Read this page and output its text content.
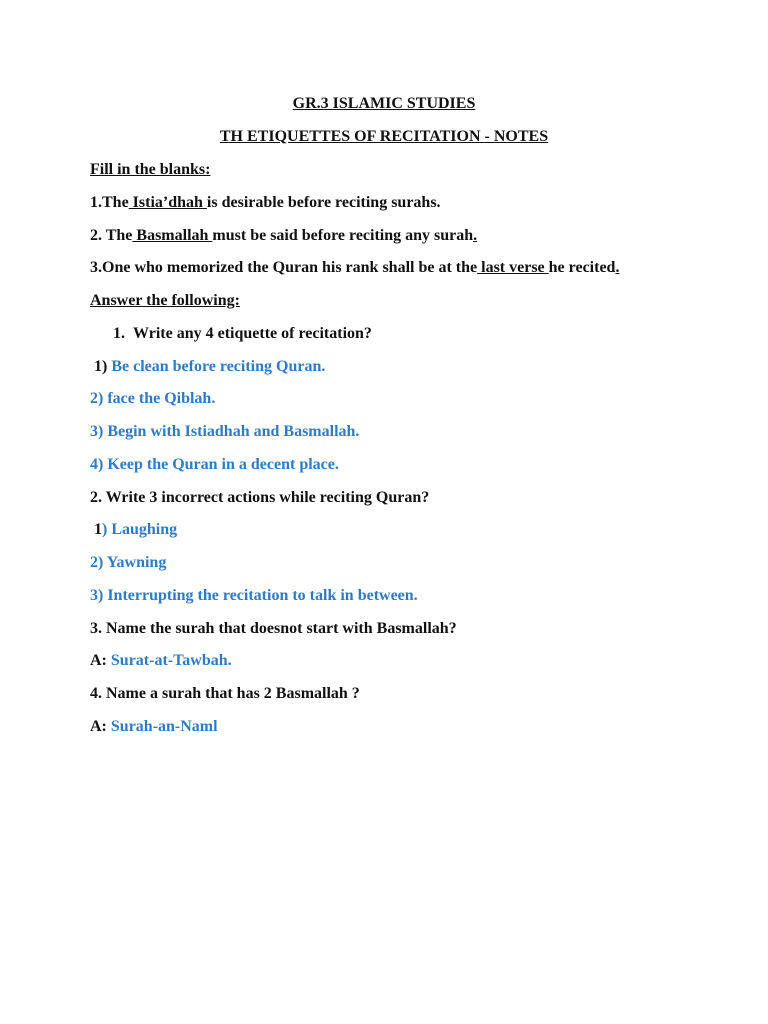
GR.3 ISLAMIC STUDIES
TH ETIQUETTES OF RECITATION - NOTES
Fill in the blanks:
1.The Istia’dhah is desirable before reciting surahs.
2. The Basmallah must be said before reciting any surah.
3.One who memorized the Quran his rank shall be at the last verse he recited.
Answer the following:
1. Write any 4 etiquette of recitation?
1) Be clean before reciting Quran.
2) face the Qiblah.
3) Begin with Istiadhah and Basmallah.
4) Keep the Quran in a decent place.
2. Write 3 incorrect actions while reciting Quran?
1) Laughing
2) Yawning
3) Interrupting the recitation to talk in between.
3. Name the surah that doesnot start with Basmallah?
A: Surat-at-Tawbah.
4. Name a surah that has 2 Basmallah ?
A: Surah-an-Naml
